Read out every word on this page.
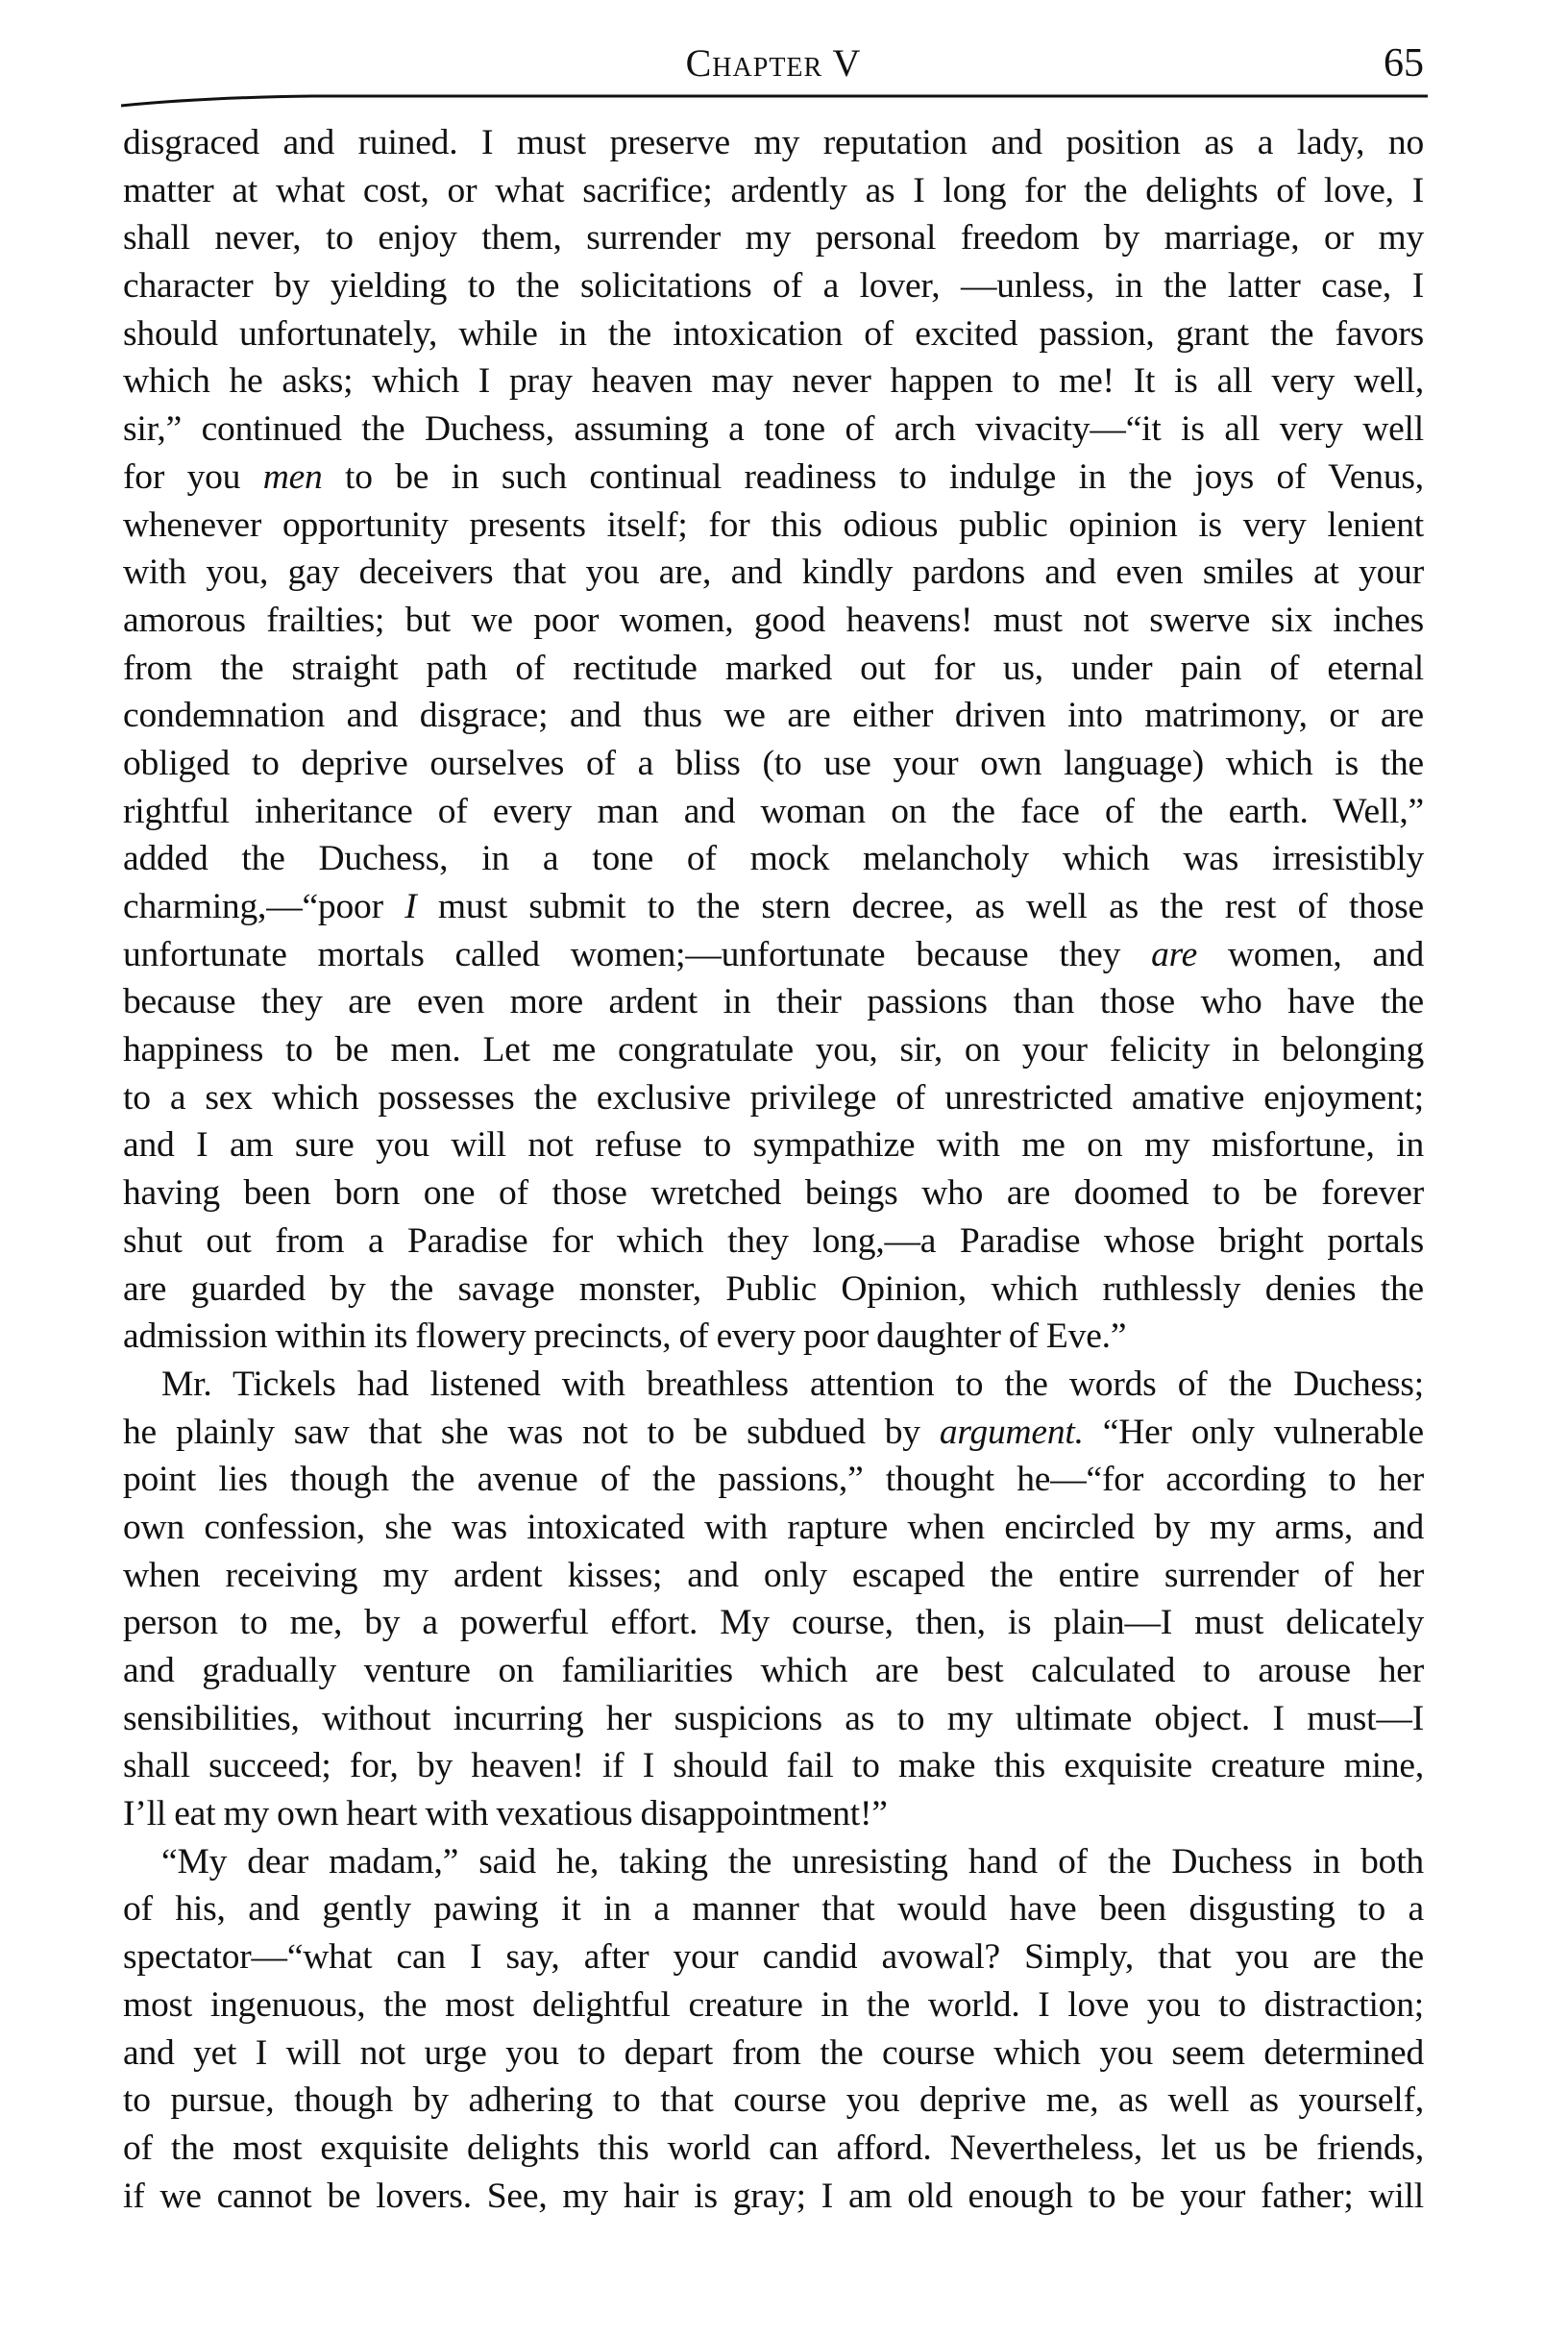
Chapter V	65

disgraced and ruined. I must preserve my reputation and position as a lady, no
matter at what cost, or what sacrifice; ardently as I long for the delights of love, I
shall never, to enjoy them, surrender my personal freedom by marriage, or my
character by yielding to the solicitations of a lover, —unless, in the latter case, I
should unfortunately, while in the intoxication of excited passion, grant the favors
which he asks; which I pray heaven may never happen to me! It is all very well,
sir,” continued the Duchess, assuming a tone of arch vivacity—“it is all very well
for you men to be in such continual readiness to indulge in the joys of Venus,
whenever opportunity presents itself; for this odious public opinion is very lenient
with you, gay deceivers that you are, and kindly pardons and even smiles at your
amorous frailties; but we poor women, good heavens! must not swerve six inches
from the straight path of rectitude marked out for us, under pain of eternal
condemnation and disgrace; and thus we are either driven into matrimony, or are
obliged to deprive ourselves of a bliss (to use your own language) which is the
rightful inheritance of every man and woman on the face of the earth. Well,”
added the Duchess, in a tone of mock melancholy which was irresistibly
charming,—“poor I must submit to the stern decree, as well as the rest of those
unfortunate mortals called women;—unfortunate because they are women, and
because they are even more ardent in their passions than those who have the
happiness to be men. Let me congratulate you, sir, on your felicity in belonging
to a sex which possesses the exclusive privilege of unrestricted amative enjoyment;
and I am sure you will not refuse to sympathize with me on my misfortune, in
having been born one of those wretched beings who are doomed to be forever
shut out from a Paradise for which they long,—a Paradise whose bright portals
are guarded by the savage monster, Public Opinion, which ruthlessly denies the
admission within its flowery precincts, of every poor daughter of Eve.”

Mr. Tickels had listened with breathless attention to the words of the Duchess;
he plainly saw that she was not to be subdued by argument. “Her only vulnerable
point lies though the avenue of the passions,” thought he—“for according to her
own confession, she was intoxicated with rapture when encircled by my arms, and
when receiving my ardent kisses; and only escaped the entire surrender of her
person to me, by a powerful effort. My course, then, is plain—I must delicately
and gradually venture on familiarities which are best calculated to arouse her
sensibilities, without incurring her suspicions as to my ultimate object. I must—I
shall succeed; for, by heaven! if I should fail to make this exquisite creature mine,
I’ll eat my own heart with vexatious disappointment!”

“My dear madam,” said he, taking the unresisting hand of the Duchess in both
of his, and gently pawing it in a manner that would have been disgusting to a
spectator—“what can I say, after your candid avowal? Simply, that you are the
most ingenuous, the most delightful creature in the world. I love you to distraction;
and yet I will not urge you to depart from the course which you seem determined
to pursue, though by adhering to that course you deprive me, as well as yourself,
of the most exquisite delights this world can afford. Nevertheless, let us be friends,
if we cannot be lovers. See, my hair is gray; I am old enough to be your father; will
